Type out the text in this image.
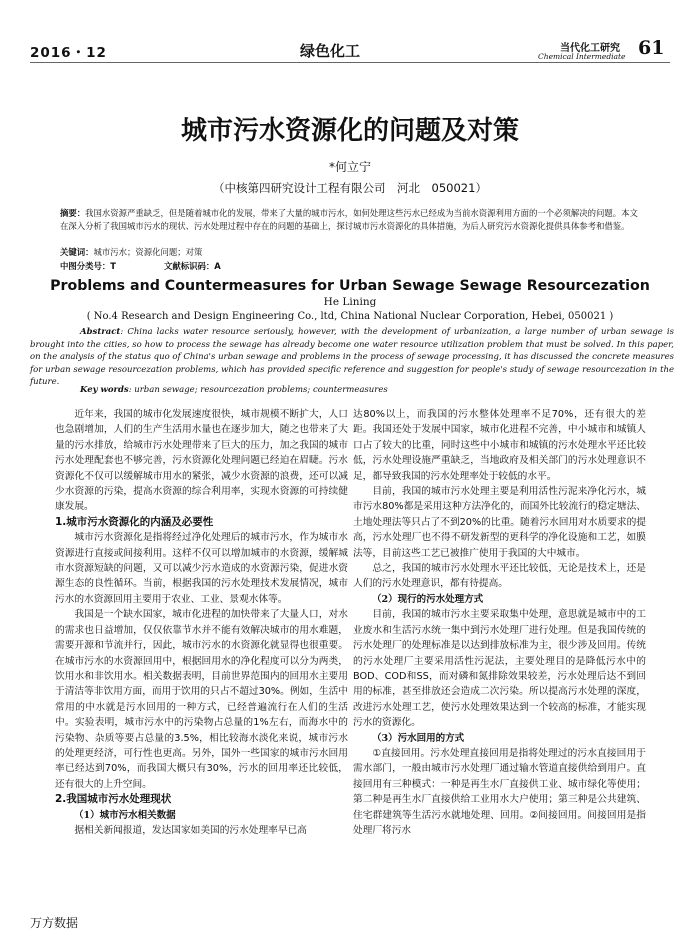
2016・12	绿色化工	当代化工研究
Chemical Intermediate 61
城市污水资源化的问题及对策
*何立宁
（中核第四研究设计工程有限公司　河北　050021）
摘要：我国水资源严重缺乏，但是随着城市化的发展，带来了大量的城市污水，如何处理这些污水已经成为当前水资源利用方面的一个必须解决的问题。本文在深入分析了我国城市污水的现状、污水处理过程中存在的问题的基础上，探讨城市污水资源化的具体措施，为后人研究污水资源化提供具体参考和借鉴。
关键词：城市污水；资源化问题；对策
中图分类号：T	文献标识码：A
Problems and Countermeasures for Urban Sewage Sewage Resourcezation
He Lining
( No.4 Research and Design Engineering Co., ltd, China National Nuclear Corporation, Hebei, 050021 )
Abstract: China lacks water resource seriously, however, with the development of urbanization, a large number of urban sewage is brought into the cities, so how to process the sewage has already become one water resource utilization problem that must be solved. In this paper, on the analysis of the status quo of China's urban sewage and problems in the process of sewage processing, it has discussed the concrete measures for urban sewage resourcezation problems, which has provided specific reference and suggestion for people's study of sewage resourcezation in the future.
Key words: urban sewage; resourcezation problems; countermeasures

近年来，我国的城市化发展速度很快，城市规模不断扩大，人口也急剧增加，人们的生产生活用水量也在逐步加大，随之也带来了大量的污水排放，给城市污水处理带来了巨大的压力，加之我国的城市污水处理配套也不够完善，污水资源化处理问题已经迫在眉睫。污水资源化不仅可以缓解城市用水的紧张，减少水资源的浪费，还可以减少水资源的污染，提高水资源的综合利用率，实现水资源的可持续健康发展。

1.城市污水资源化的内涵及必要性

城市污水资源化是指将经过净化处理后的城市污水，作为城市水资源进行直接或间接利用。这样不仅可以增加城市的水资源，缓解城市水资源短缺的问题，又可以减少污水造成的水资源污染，促进水资源生态的良性循环。当前，根据我国的污水处理技术发展情况，城市污水的水资源回用主要用于农业、工业、景观水体等。

我国是一个缺水国家，城市化进程的加快带来了大量人口，对水的需求也日益增加，仅仅依靠节水并不能有效解决城市的用水难题，需要开源和节流并行，因此，城市污水的水资源化就显得也很重要。在城市污水的水资源回用中，根据回用水的净化程度可以分为两类，饮用水和非饮用水。相关数据表明，目前世界范围内的回用水主要用于清洁等非饮用方面，而用于饮用的只占不超过30%。例如，生活中常用的中水就是污水回用的一种方式，已经普遍流行在人们的生活中。实验表明，城市污水中的污染物占总量的1%左右，而海水中的污染物、杂质等要占总量的3.5%，相比较海水淡化来说，城市污水的处理更经济，可行性也更高。另外，国外一些国家的城市污水回用率已经达到70%，而我国大概只有30%，污水的回用率还比较低，还有很大的上升空间。

2.我国城市污水处理现状

（1）城市污水相关数据

据相关新闻报道，发达国家如美国的污水处理率早已高

达80%以上，而我国的污水整体处理率不足70%，还有很大的差距。我国还处于发展中国家，城市化进程不完善，中小城市和城镇人口占了较大的比重，同时这些中小城市和城镇的污水处理水平还比较低，污水处理设施严重缺乏，当地政府及相关部门的污水处理意识不足，都导致我国的污水处理率处于较低的水平。

目前，我国的城市污水处理主要是利用活性污泥来净化污水，城市污水80%都是采用这种方法净化的，而国外比较流行的稳定塘法、土地处理法等只占了不到20%的比重。随着污水回用对水质要求的提高，污水处理厂也不得不研发新型的更科学的净化设施和工艺，如膜法等，目前这些工艺已被推广使用于我国的大中城市。

总之，我国的城市污水处理水平还比较低，无论是技术上，还是人们的污水处理意识，都有待提高。

（2）现行的污水处理方式

目前，我国的城市污水主要采取集中处理，意思就是城市中的工业废水和生活污水统一集中到污水处理厂进行处理。但是我国传统的污水处理厂的处理标准是以达到排放标准为主，很少涉及回用。传统的污水处理厂主要采用活性污泥法，主要处理目的是降低污水中的BOD、COD和SS，而对磷和氮排除效果较差，污水处理后达不到回用的标准，甚至排放还会造成二次污染。所以提高污水处理的深度，改进污水处理工艺，使污水处理效果达到一个较高的标准，才能实现污水的资源化。

（3）污水回用的方式

①直接回用。污水处理直接回用是指将处理过的污水直接回用于需水部门，一般由城市污水处理厂通过输水管道直接供给到用户。直接回用有三种模式：一种是再生水厂直接供工业、城市绿化等使用；第二种是再生水厂直接供给工业用水大户使用；第三种是公共建筑、住宅群建筑等生活污水就地处理、回用。②间接回用。间接回用是指处理厂将污水

万方数据
